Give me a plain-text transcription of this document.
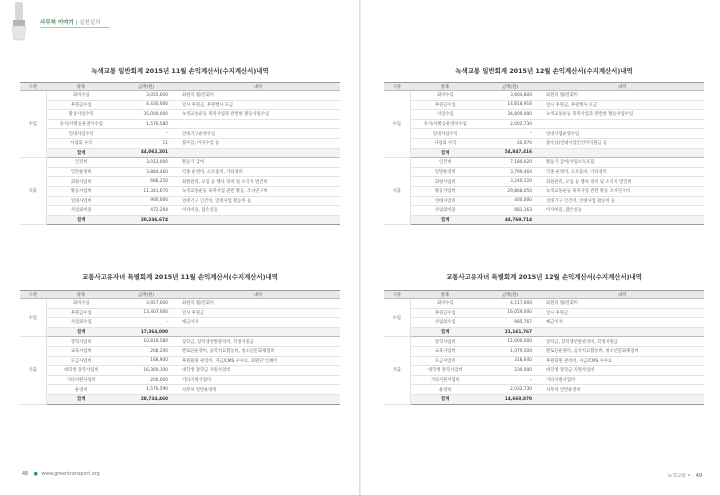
사무처 이야기 | 실천실의
녹색교통 일반회계 2015년 11월 손익계산서(수지계산서)내역
구분	항목	금액(원)	내역
수입	회비수입	3,055,600	회원의 월/연회비
	후원금수입	4,430,000	일시 후원금, 후원행사 모금
	활동사업수익	35,000,000	녹색교통운동 목적사업과 관련한 활동사업수입
	유지/사활동운영이수입	1,576,580	
	연대사업수익	–	연대기구운영수입
	사업외 수익	11	잡수입, 이자수입 등
	합계	44,062,201	
지출	인건비	3,012,000	활동가 급여
	일반운영비	3,884,460	각종 운영비, 소모품비, 기타경비
	회원사업비	686,250	회원관리, 모임 등 행사 경비 및 소식지 발간비
	활동사업비	11,341,670	녹색교통운동 목적사업 관련 활동, 조사연구비
	연대사업비	900,000	연대기구 인건비, 연대사업 활동비 등
	사업외비용	472,294	이자비용, 잡손실등
	합계	20,246,674	
녹색교통 일반회계 2015년 12월 손익계산서(수지계산서)내역
구분	항목	금액(원)	내역
수입	회비수입	3,604,800	회원의 월/연회비
	후원금수입	14,818,916	일시 후원금, 후원행사 모금
	사업수입	34,800,000	녹색교통운동 목적사업과 관련한 활동사업수입
	유지/사활동운영이수입	2,002,730	
	연대사업수익	–	연대사업운영수입
	사업외 수익	20,970	잡수입(연대사업인건비지원금 등
	합계	54,847,416	
지출	인건비	7,180,020	활동가 급여/사업소득포함
	일반운영비	3,799,464	각종 운영비, 소모품비, 기타경비
	회원사업비	3,240,120	회원관리, 모임 등 행사 경비 및 소식지 발간비
	활동사업비	29,868,050	녹색교통운동 목적사업 관련 활동 조사연구비
	연대사업비	400,000	연대기구 인건비, 연대사업 활동비 등
	사업외비용	681,163	이자비용, 잡손실등
	합계	44,769,714	
교통사고유자녀 특별회계 2015년 11월 손익계산서(수지계산서)내역
구분	항목	금액(원)	내역
수입	회비수입	3,957,000	회원의 월/연회비
	후원금수입	13,407,000	일시 후원금
	사업외수입	–	예금이자
	합계	17,364,000	
지출	장학사업비	10,816,580	장학금, 장학생선발관리비, 학생지원금
	교육사업비	208,200	멘토단운영비, 음악치료활동비, 청소년문화체험비
	모금사업비	168,900	후원회원 관리비, 저금/CMS 수수료, 회원단 인쇄비
	대학생 장학사업비	16,369,100	대학생 장학금 지원사업비
	기타지원사업비	200,000	기타지원사업비
	운영비	1,576,590	사무처 일반운영비
	합계	28,734,460	
교통사고유자녀 특별회계 2015년 12월 손익계산서(수지계산서)내역
구분	항목	금액(원)	내역
수입	회비수입	4,117,000	회원의 월/연회비
	후원금수입	16,059,000	일시 후원금
	사업외수입	985,767	예금이자
	합계	21,161,767	
지출	장학사업비	11,000,000	장학금, 장학생선발관리비, 학생지원금
	교육사업비	1,079,500	멘토단운영비, 음악치료활동비, 청소년문화체험비
	모금사업비	318,640	후원회원 관리비, 저금/CMS 수수료
	대학생 장학사업비	230,000	대학생 장학금 지원사업비
	기타지원사업비	–	기타지원사업비
	운영비	2,032,730	사무처 일반운영비
	합계	14,660,870	
48 ● www.greentransport.org	녹색교통 • 49
